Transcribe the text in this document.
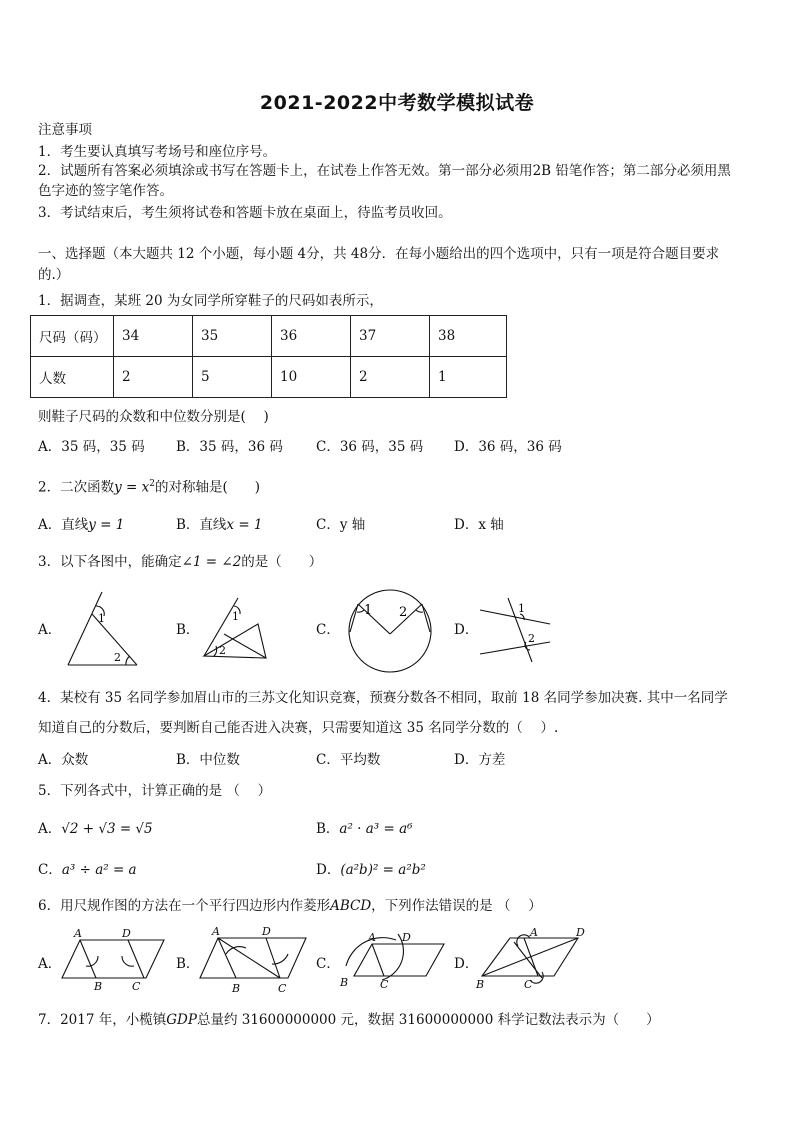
2021-2022中考数学模拟试卷
注意事项
1．考生要认真填写考场号和座位序号。
2．试题所有答案必须填涂或书写在答题卡上，在试卷上作答无效。第一部分必须用2B 铅笔作答；第二部分必须用黑
色字迹的签字笔作答。
3．考试结束后，考生须将试卷和答题卡放在桌面上，待监考员收回。
一、选择题（本大题共 12 个小题，每小题 4分，共 48分．在每小题给出的四个选项中，只有一项是符合题目要求
的.）
1．据调查，某班 20 为女同学所穿鞋子的尺码如表所示，
尺码（码）	34	35	36	37	38
人数	2	5	10	2	1
则鞋子尺码的众数和中位数分别是(　 )
A．35 码，35 码 B．35 码，36 码 C．36 码，35 码 D．36 码，36 码
2．二次函数$y = x^2$的对称轴是(　　)
A．直线y = 1	B．直线x = 1	C．y 轴	D．x 轴
3．以下各图中，能确定∠1 = ∠2的是（　　）
A．	B．	C．	D．
1
2
1
2
1 2	1
2
4．某校有 35 名同学参加眉山市的三苏文化知识竞赛，预赛分数各不相同，取前 18 名同学参加决赛. 其中一名同学
知道自己的分数后，要判断自己能否进入决赛，只需要知道这 35 名同学分数的（　 ）.
A．众数	B．中位数	C．平均数	D．方差
5．下列各式中，计算正确的是 （　 ）
A．√2 + √3 = √5	B．a² · a³ = a⁶
C．a³ ÷ a² = a	D．(a²b)² = a²b²
6．用尺规作图的方法在一个平行四边形内作菱形ABCD，下列作法错误的是 （　 ）
A．	B．	C．	D．
A	D
B	C
A	D
B	C
A D
B	C
A	D
B	C
7．2017 年，小榄镇GDP总量约 31600000000 元，数据 31600000000 科学记数法表示为（　　）
